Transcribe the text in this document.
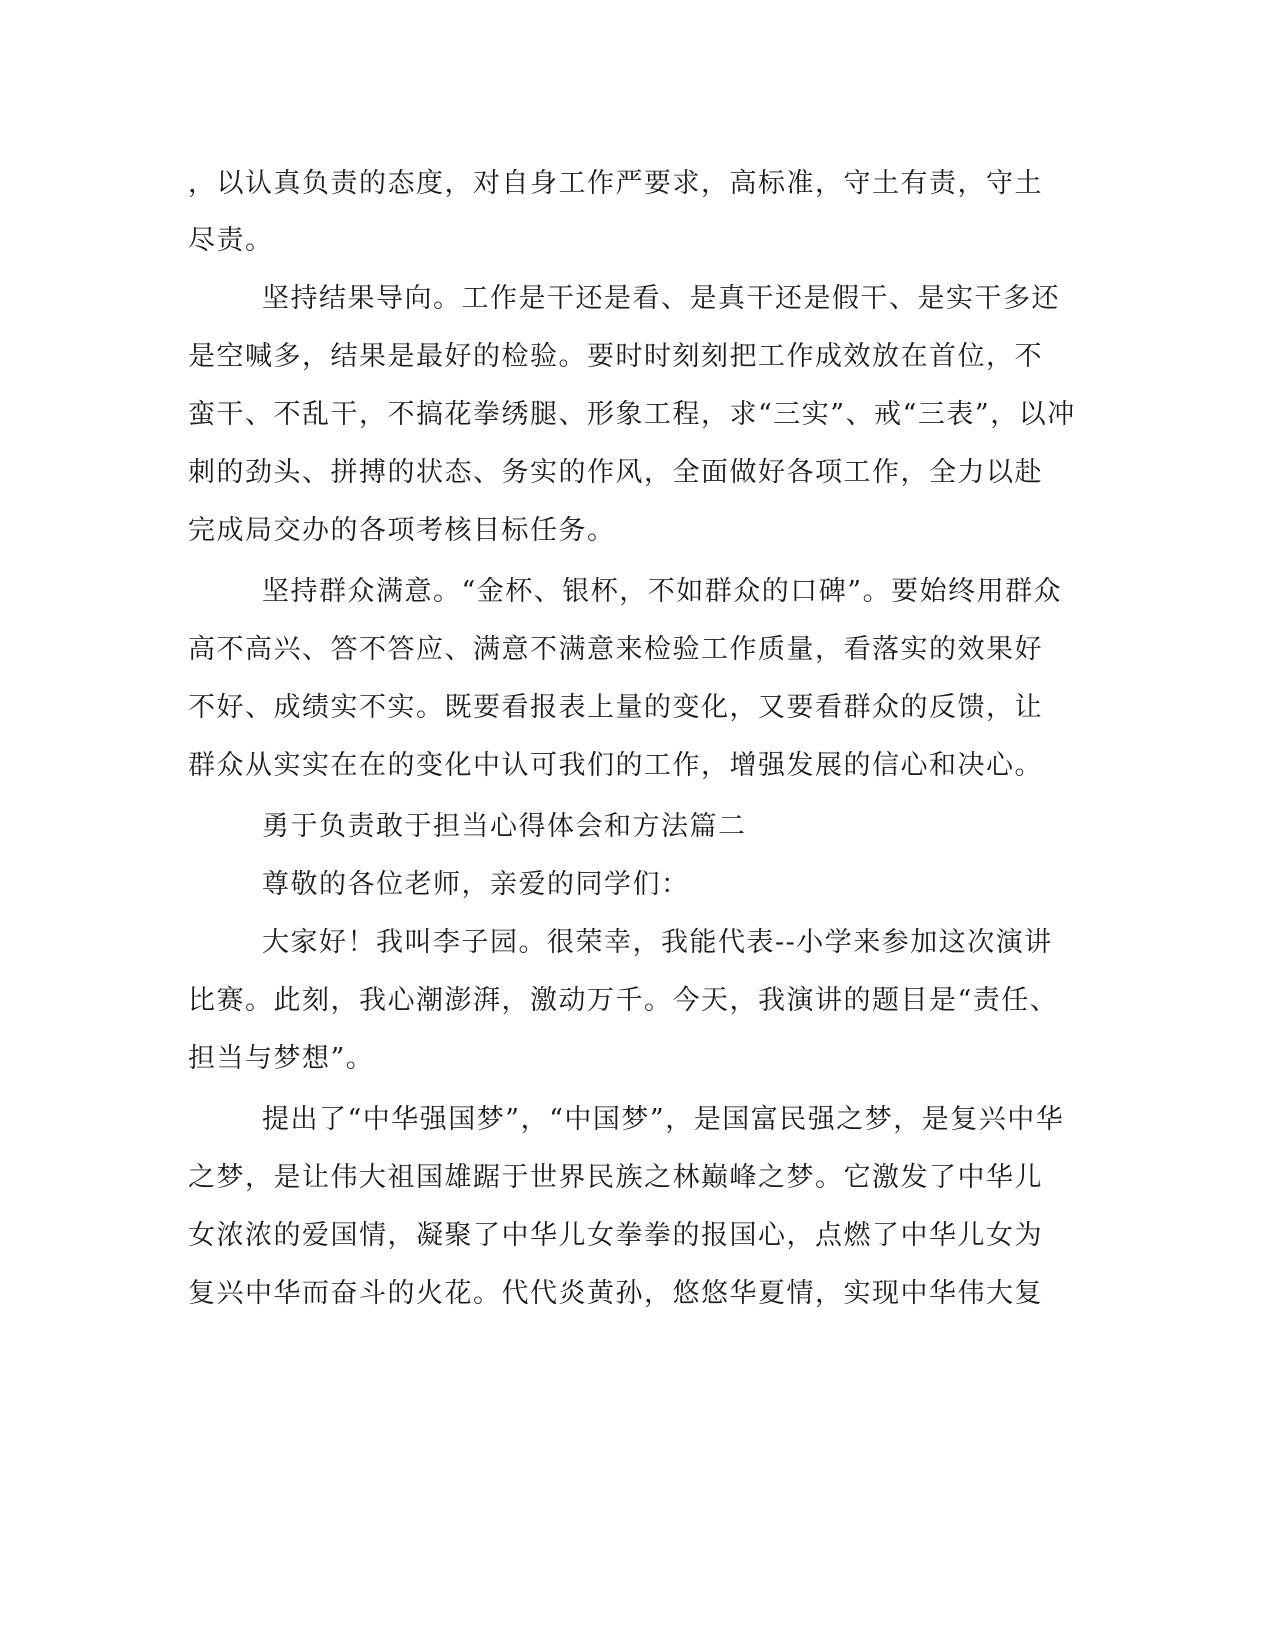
，以认真负责的态度，对自身工作严要求，高标准，守土有责，守土

尽责。

坚持结果导向。工作是干还是看、是真干还是假干、是实干多还

是空喊多，结果是最好的检验。要时时刻刻把工作成效放在首位，不

蛮干、不乱干，不搞花拳绣腿、形象工程，求“三实”、戒“三表”，以冲

刺的劲头、拼搏的状态、务实的作风，全面做好各项工作，全力以赴

完成局交办的各项考核目标任务。

坚持群众满意。“金杯、银杯，不如群众的口碑”。要始终用群众

高不高兴、答不答应、满意不满意来检验工作质量，看落实的效果好

不好、成绩实不实。既要看报表上量的变化，又要看群众的反馈，让

群众从实实在在的变化中认可我们的工作，增强发展的信心和决心。

勇于负责敢于担当心得体会和方法篇二

尊敬的各位老师，亲爱的同学们：

大家好！我叫李子园。很荣幸，我能代表--小学来参加这次演讲

比赛。此刻，我心潮澎湃，激动万千。今天，我演讲的题目是“责任、

担当与梦想”。

提出了“中华强国梦”，“中国梦”，是国富民强之梦，是复兴中华

之梦，是让伟大祖国雄踞于世界民族之林巅峰之梦。它激发了中华儿

女浓浓的爱国情，凝聚了中华儿女拳拳的报国心，点燃了中华儿女为

复兴中华而奋斗的火花。代代炎黄孙，悠悠华夏情，实现中华伟大复
